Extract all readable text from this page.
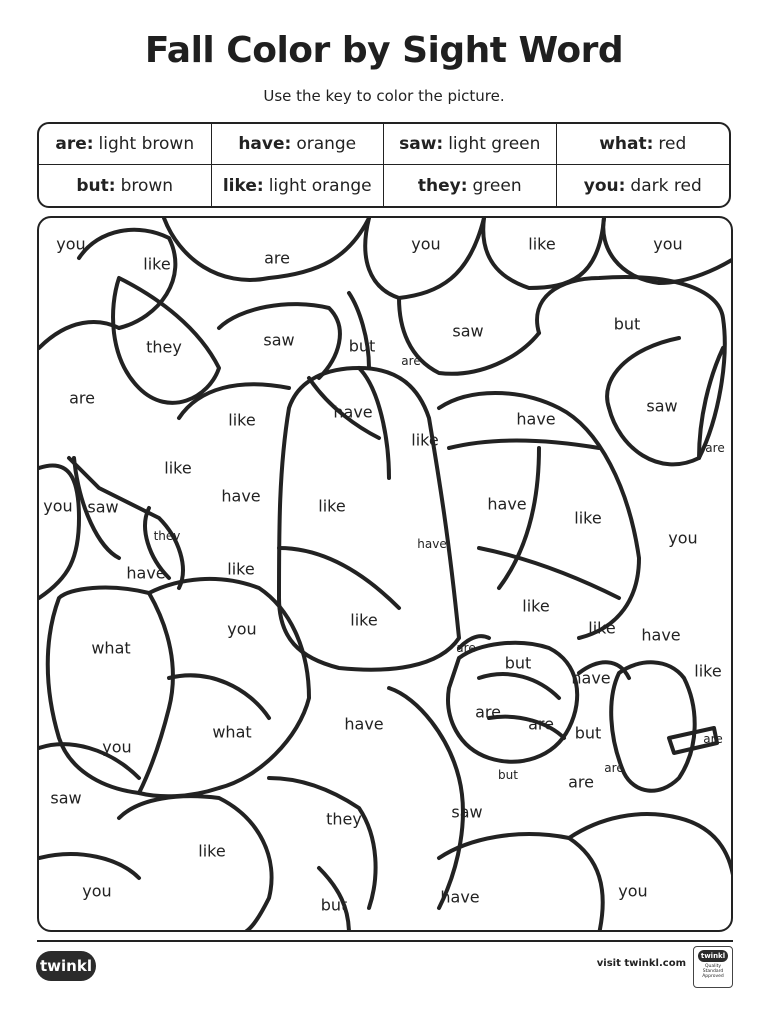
Fall Color by Sight Word
Use the key to color the picture.
are: light brown	have: orange	saw: light green	what: red
but: brown	like: light orange	they: green	you: dark red
you
like	are
you	like	you
they	saw	but
saw
are
but
are
like	have
like
have
saw
are
like
have
you saw	like	have
like
you
they
have
have	like
what
you	like
like
like have
are
but
have	like
you
what	have
are
are but
but	are
are
are
saw
saw
they
like
you
but	have	you
twinkl	visit twinkl.com
twinkl
Quality Standard Approved
